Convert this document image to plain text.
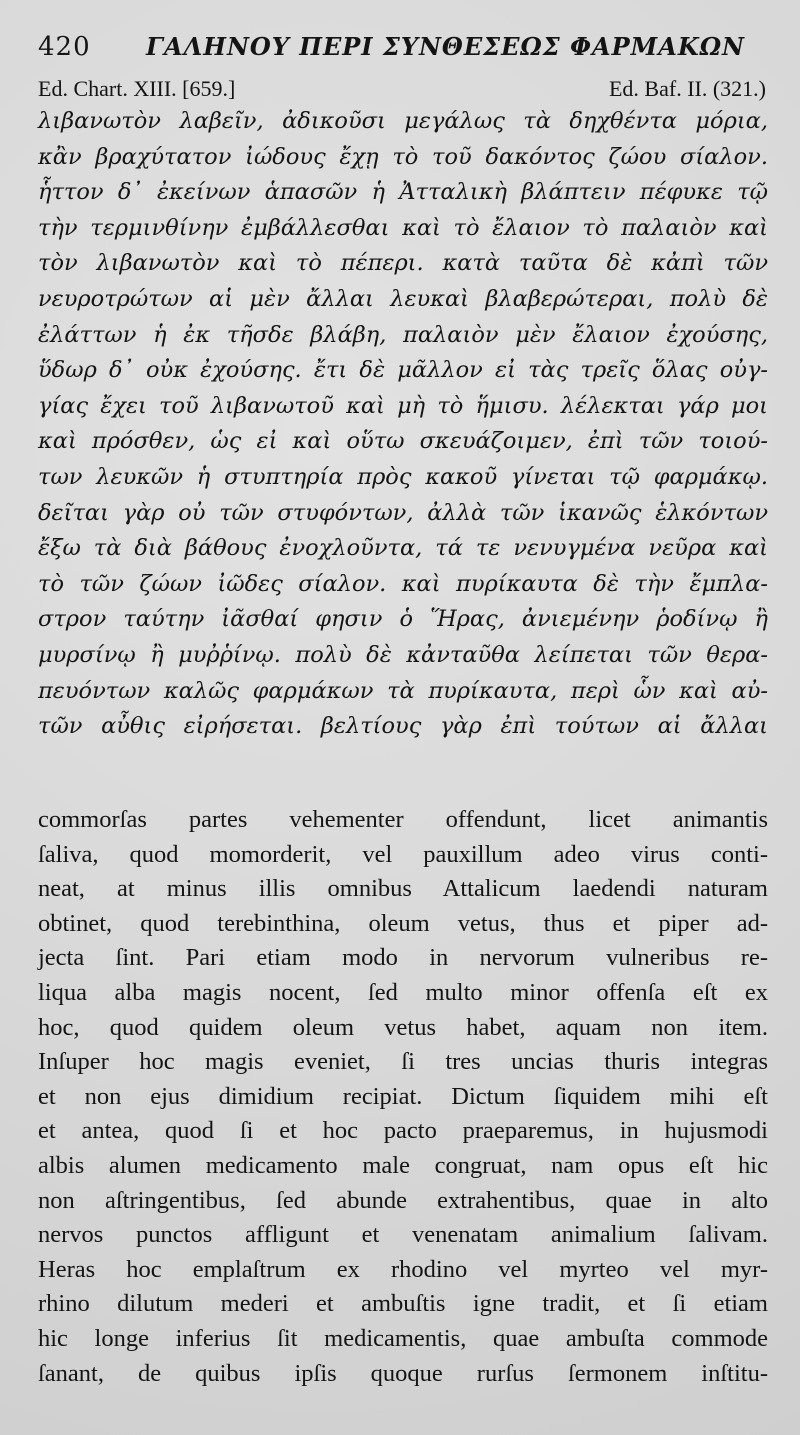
420 ΓΑΛΗΝΟΥ ΠΕΡΙ ΣΥΝΘΕΣΕΩΣ ΦΑΡΜΑΚΩΝ
Ed. Chart. XIII. [659.]	Ed. Baf. II. (321.)
λιβανωτὸν λαβεῖν, ἀδικοῦσι μεγάλως τὰ δηχθέντα μόρια,
κἂν βραχύτατον ἰώδους ἔχῃ τὸ τοῦ δακόντος ζώου σίαλον.
ἧττον δ᾽ ἐκείνων ἁπασῶν ἡ Ἀτταλικὴ βλάπτειν πέφυκε τῷ
τὴν τερμινθίνην ἐμβάλλεσθαι καὶ τὸ ἔλαιον τὸ παλαιὸν καὶ
τὸν λιβανωτὸν καὶ τὸ πέπερι. κατὰ ταῦτα δὲ κἀπὶ τῶν
νευροτρώτων αἱ μὲν ἄλλαι λευκαὶ βλαβερώτεραι, πολὺ δὲ
ἐλάττων ἡ ἐκ τῆσδε βλάβη, παλαιὸν μὲν ἔλαιον ἐχούσης,
ὕδωρ δ᾽ οὐκ ἐχούσης. ἔτι δὲ μᾶλλον εἰ τὰς τρεῖς ὅλας οὐγ-
γίας ἔχει τοῦ λιβανωτοῦ καὶ μὴ τὸ ἥμισυ. λέλεκται γάρ μοι
καὶ πρόσθεν, ὡς εἰ καὶ οὕτω σκευάζοιμεν, ἐπὶ τῶν τοιού-
των λευκῶν ἡ στυπτηρία πρὸς κακοῦ γίνεται τῷ φαρμάκῳ.
δεῖται γὰρ οὐ τῶν στυφόντων, ἀλλὰ τῶν ἱκανῶς ἑλκόντων
ἔξω τὰ διὰ βάθους ἐνοχλοῦντα, τά τε νενυγμένα νεῦρα καὶ
τὸ τῶν ζώων ἰῶδες σίαλον. καὶ πυρίκαυτα δὲ τὴν ἔμπλα-
στρον ταύτην ἰᾶσθαί φησιν ὁ Ἥρας, ἀνιεμένην ῥοδίνῳ ἢ
μυρσίνῳ ἢ μυῤῥίνῳ. πολὺ δὲ κἀνταῦθα λείπεται τῶν θερα-
πευόντων καλῶς φαρμάκων τὰ πυρίκαυτα, περὶ ὧν καὶ αὐ-
τῶν αὖθις εἰρήσεται. βελτίους γὰρ ἐπὶ τούτων αἱ ἄλλαι
commorſas partes vehementer offendunt, licet animantis
ſaliva, quod momorderit, vel pauxillum adeo virus conti-
neat, at minus illis omnibus Attalicum laedendi naturam
obtinet, quod terebinthina, oleum vetus, thus et piper ad-
jecta ſint. Pari etiam modo in nervorum vulneribus re-
liqua alba magis nocent, ſed multo minor offenſa eſt ex
hoc, quod quidem oleum vetus habet, aquam non item.
Inſuper hoc magis eveniet, ſi tres uncias thuris integras
et non ejus dimidium recipiat. Dictum ſiquidem mihi eſt
et antea, quod ſi et hoc pacto praeparemus, in hujusmodi
albis alumen medicamento male congruat, nam opus eſt hic
non aſtringentibus, ſed abunde extrahentibus, quae in alto
nervos punctos affligunt et venenatam animalium ſalivam.
Heras hoc emplaſtrum ex rhodino vel myrteo vel myr-
rhino dilutum mederi et ambuſtis igne tradit, et ſi etiam
hic longe inferius ſit medicamentis, quae ambuſta commode
ſanant, de quibus ipſis quoque rurſus ſermonem inſtitu-
